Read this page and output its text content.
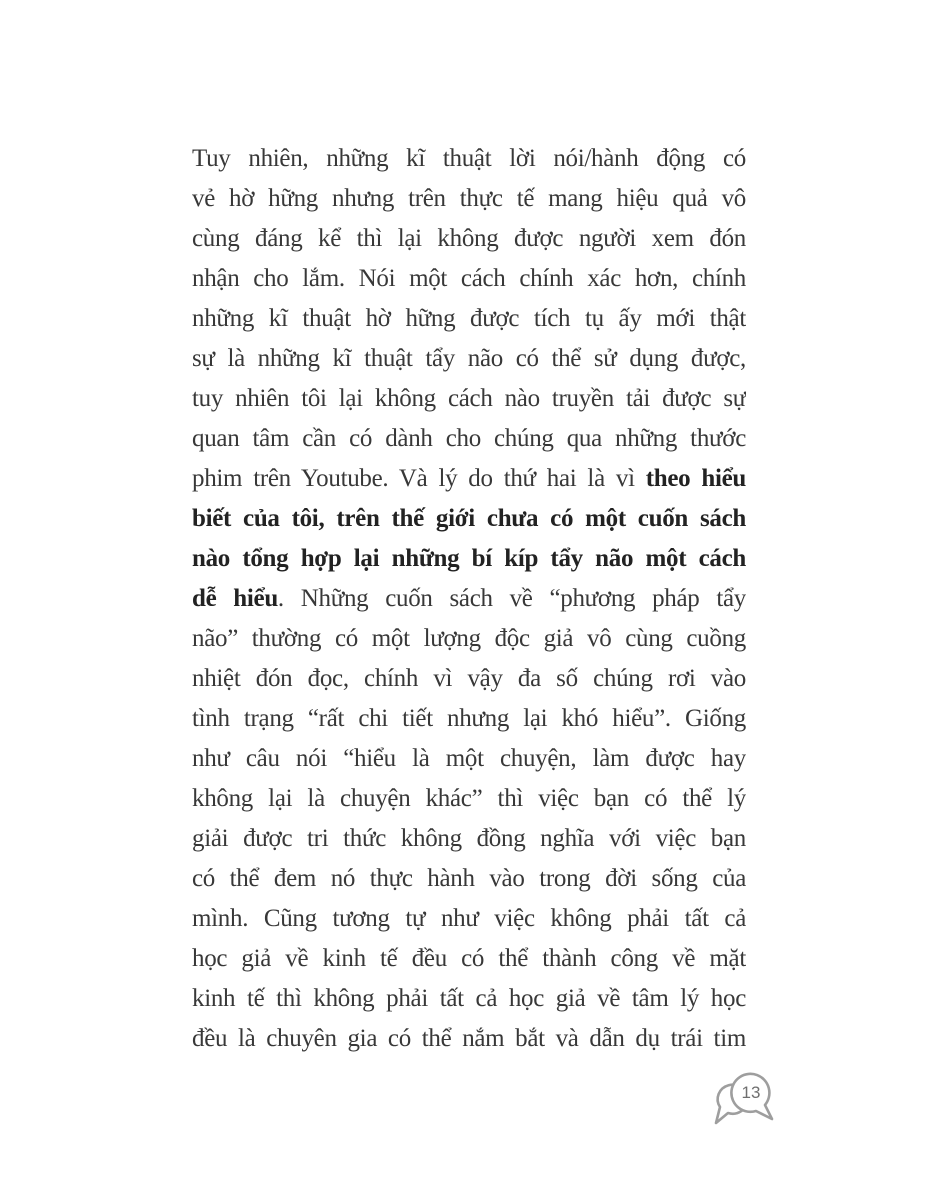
Tuy nhiên, những kĩ thuật lời nói/hành động có
vẻ hờ hững nhưng trên thực tế mang hiệu quả vô
cùng đáng kể thì lại không được người xem đón
nhận cho lắm. Nói một cách chính xác hơn, chính
những kĩ thuật hờ hững được tích tụ ấy mới thật
sự là những kĩ thuật tẩy não có thể sử dụng được,
tuy nhiên tôi lại không cách nào truyền tải được sự
quan tâm cần có dành cho chúng qua những thước
phim trên Youtube. Và lý do thứ hai là vì theo hiểu
biết của tôi, trên thế giới chưa có một cuốn sách
nào tổng hợp lại những bí kíp tẩy não một cách
dễ hiểu. Những cuốn sách về “phương pháp tẩy
não” thường có một lượng độc giả vô cùng cuồng
nhiệt đón đọc, chính vì vậy đa số chúng rơi vào
tình trạng “rất chi tiết nhưng lại khó hiểu”. Giống
như câu nói “hiểu là một chuyện, làm được hay
không lại là chuyện khác” thì việc bạn có thể lý
giải được tri thức không đồng nghĩa với việc bạn
có thể đem nó thực hành vào trong đời sống của
mình. Cũng tương tự như việc không phải tất cả
học giả về kinh tế đều có thể thành công về mặt
kinh tế thì không phải tất cả học giả về tâm lý học
đều là chuyên gia có thể nắm bắt và dẫn dụ trái tim
13
